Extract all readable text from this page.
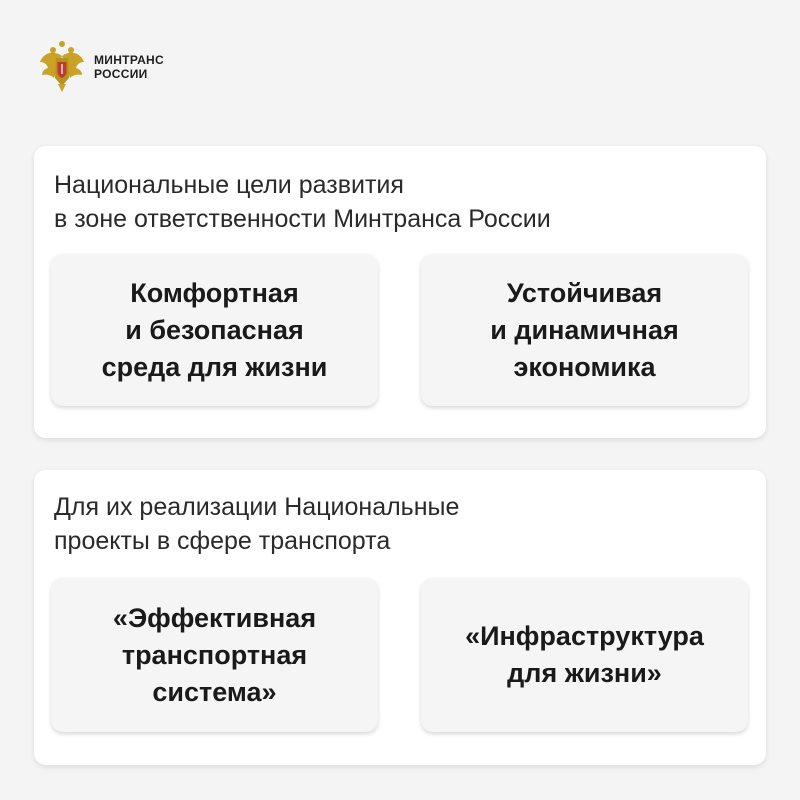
МИНТРАНС
РОССИИ
Национальные цели развития
в зоне ответственности Минтранса России
Комфортная
и безопасная
среда для жизни
Устойчивая
и динамичная
экономика
Для их реализации Национальные
проекты в сфере транспорта
«Эффективная
транспортная
система»
«Инфраструктура
для жизни»
